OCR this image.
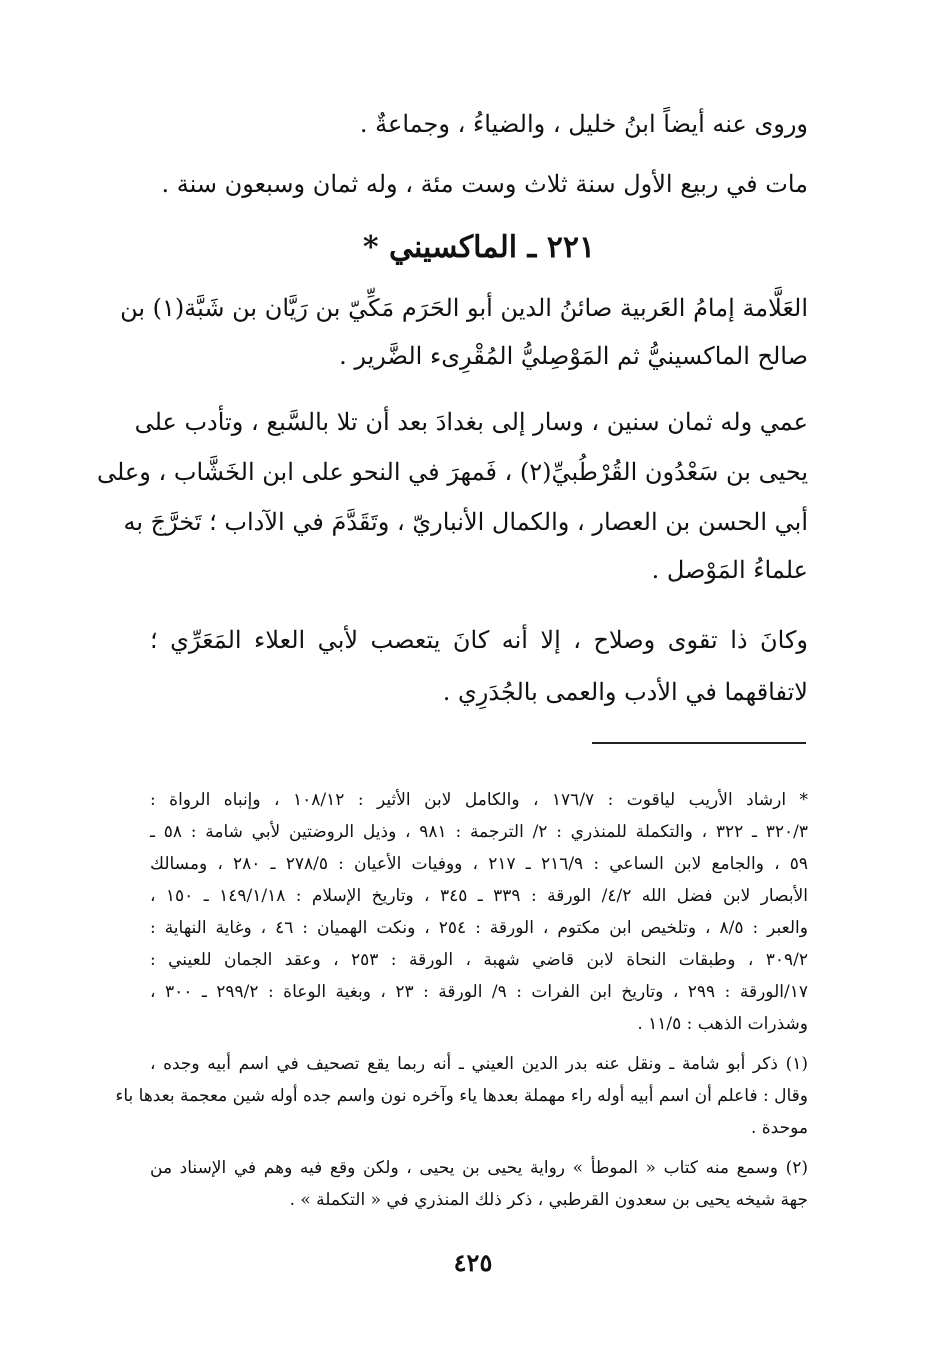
وروى عنه أيضاً ابنُ خليل ، والضياءُ ، وجماعةٌ .
مات في ربيع الأول سنة ثلاث وست مئة ، وله ثمان وسبعون سنة .
٢٢١ ـ الماكسيني *
العَلَّامة إمامُ العَربية صائنُ الدين أبو الحَرَم مَكِّيّ بن رَيَّان بن شَبَّة(١) بن
صالح الماكسينيُّ ثم المَوْصِليُّ المُقْرِىء الضَّرير .
عمي وله ثمان سنين ، وسار إلى بغدادَ بعد أن تلا بالسَّبع ، وتأدب على
يحيى بن سَعْدُون القُرْطُبيِّ(٢) ، فَمهرَ في النحو على ابن الخَشَّاب ، وعلى
أبي الحسن بن العصار ، والكمال الأنباريّ ، وتَقَدَّمَ في الآداب ؛ تَخرَّجَ به
علماءُ المَوْصل .
وكانَ ذا تقوى وصلاح ، إلا أنه كانَ يتعصب لأبي العلاء المَعَرِّي ؛
لاتفاقهما في الأدب والعمى بالجُدَرِي .
* ارشاد الأريب لياقوت : ١٧٦/٧ ، والكامل لابن الأثير : ١٠٨/١٢ ، وإنباه الرواة :
٣٢٠/٣ ـ ٣٢٢ ، والتكملة للمنذري : ٢/ الترجمة : ٩٨١ ، وذيل الروضتين لأبي شامة : ٥٨ ـ
٥٩ ، والجامع لابن الساعي : ٢١٦/٩ ـ ٢١٧ ، ووفيات الأعيان : ٢٧٨/٥ ـ ٢٨٠ ، ومسالك
الأبصار لابن فضل الله ٤/٢/ الورقة : ٣٣٩ ـ ٣٤٥ ، وتاريخ الإسلام : ١٤٩/١/١٨ ـ ١٥٠ ،
والعبر : ٨/٥ ، وتلخيص ابن مكتوم ، الورقة : ٢٥٤ ، ونكت الهميان : ٤٦ ، وغاية النهاية :
٣٠٩/٢ ، وطبقات النحاة لابن قاضي شهبة ، الورقة : ٢٥٣ ، وعقد الجمان للعيني :
١٧/الورقة : ٢٩٩ ، وتاريخ ابن الفرات : ٩/ الورقة : ٢٣ ، وبغية الوعاة : ٢٩٩/٢ ـ ٣٠٠ ،
وشذرات الذهب : ١١/٥ .
(١) ذكر أبو شامة ـ ونقل عنه بدر الدين العيني ـ أنه ربما يقع تصحيف في اسم أبيه وجده ،
وقال : فاعلم أن اسم أبيه أوله راء مهملة بعدها ياء وآخره نون واسم جده أوله شين معجمة بعدها باء
موحدة .
(٢) وسمع منه كتاب « الموطأ » رواية يحيى بن يحيى ، ولكن وقع فيه وهم في الإسناد من
جهة شيخه يحيى بن سعدون القرطبي ، ذكر ذلك المنذري في « التكملة » .
٤٢٥
